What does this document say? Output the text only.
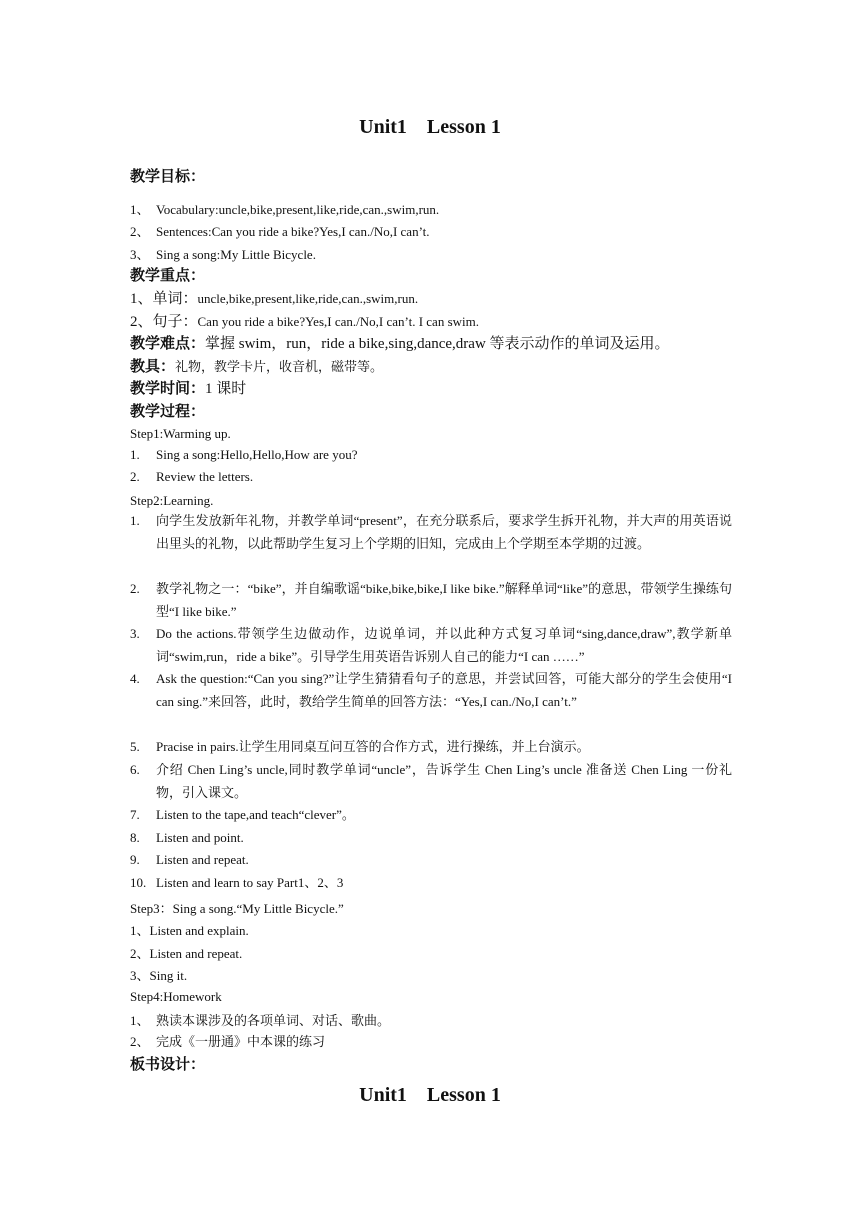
Unit1    Lesson 1
教学目标：
1、 Vocabulary:uncle,bike,present,like,ride,can.,swim,run.
2、 Sentences:Can you ride a bike?Yes,I can./No,I can’t.
3、 Sing a song:My Little Bicycle.
教学重点：
1、单词：uncle,bike,present,like,ride,can.,swim,run.
2、句子：Can you ride a bike?Yes,I can./No,I can’t. I can swim.
教学难点：掌握 swim，run，ride a bike,sing,dance,draw 等表示动作的单词及运用。
教具：礼物，教学卡片，收音机，磁带等。
教学时间：1 课时
教学过程：
Step1:Warming up.
1. Sing a song:Hello,Hello,How are you?
2. Review the letters.
Step2:Learning.
1.	向学生发放新年礼物，并教学单词“present”，在充分联系后，要求学生拆开礼物，并大声的用英语说出里头的礼物，以此帮助学生复习上个学期的旧知，完成由上个学期至本学期的过渡。
2.	教学礼物之一：“bike”，并自编歌谣“bike,bike,bike,I like bike.”解释单词“like”的意思，带领学生操练句型“I like bike.”
3.	Do the actions.带领学生边做动作，边说单词，并以此种方式复习单词“sing,dance,draw”,教学新单词“swim,run，ride a bike”。引导学生用英语告诉别人自己的能力“I can ……”
4.	Ask the question:“Can you sing?”让学生猜猜看句子的意思，并尝试回答，可能大部分的学生会使用“I can sing.”来回答，此时，教给学生简单的回答方法：“Yes,I can./No,I can’t.”
5.	Pracise in pairs.让学生用同桌互问互答的合作方式，进行操练，并上台演示。
6.	介绍 Chen Ling’s uncle,同时教学单词“uncle”，告诉学生 Chen Ling’s uncle 准备送 Chen Ling 一份礼物，引入课文。
7.	Listen to the tape,and teach“clever”。
8.	Listen and point.
9.	Listen and repeat.
10. Listen and learn to say Part1、2、3
Step3：Sing a song.“My Little Bicycle.”
1、Listen and explain.
2、Listen and repeat.
3、Sing it.
Step4:Homework
1、 熟读本课涉及的各项单词、对话、歌曲。
2、 完成《一册通》中本课的练习
板书设计：
Unit1    Lesson 1
